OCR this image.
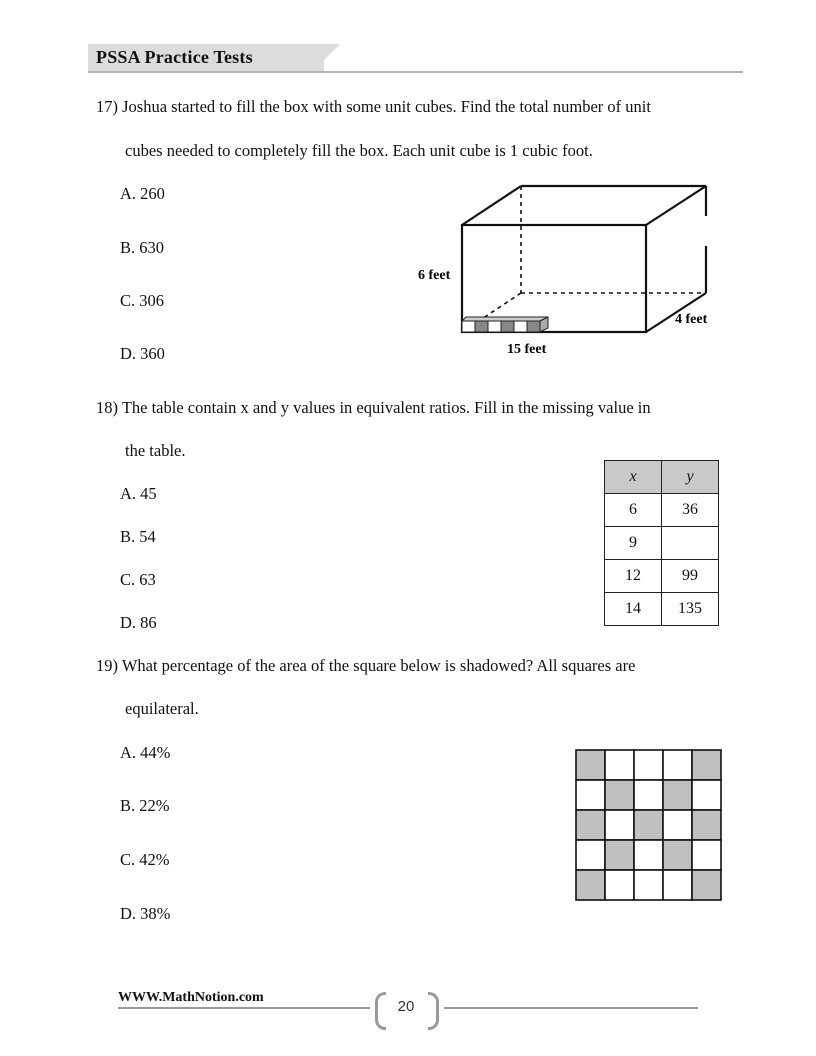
PSSA Practice Tests
17) Joshua started to fill the box with some unit cubes. Find the total number of unit
cubes needed to completely fill the box. Each unit cube is 1 cubic foot.
A. 260
B. 630
C. 306
D. 360
6 feet
4 feet
15 feet
18) The table contain x and y values in equivalent ratios. Fill in the missing value in
the table.
A. 45
B. 54
C. 63
D. 86
x	y
6	36
9	
12	99
14	135
19) What percentage of the area of the square below is shadowed? All squares are
equilateral.
A. 44%
B. 22%
C. 42%
D. 38%
WWW.MathNotion.com
20
